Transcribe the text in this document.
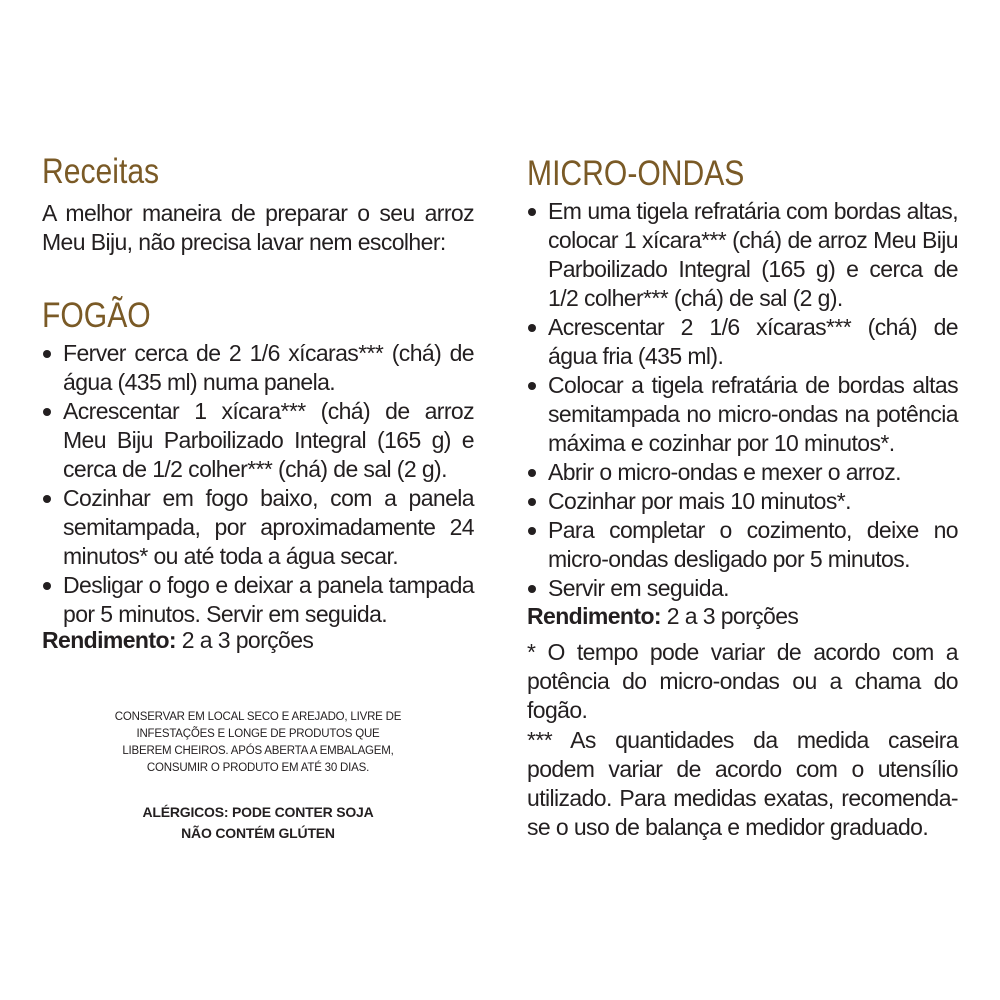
Receitas

A melhor maneira de preparar o seu arroz Meu Biju, não precisa lavar nem escolher:

FOGÃO
Ferver cerca de 2 1/6 xícaras*** (chá) de água (435 ml) numa panela.
Acrescentar 1 xícara*** (chá) de arroz Meu Biju Parboilizado Integral (165 g) e cerca de 1/2 colher*** (chá) de sal (2 g).
Cozinhar em fogo baixo, com a panela semitampada, por aproximadamente 24 minutos* ou até toda a água secar.
Desligar o fogo e deixar a panela tampada por 5 minutos. Servir em seguida.

Rendimento: 2 a 3 porções

CONSERVAR EM LOCAL SECO E AREJADO, LIVRE DE
INFESTAÇÕES E LONGE DE PRODUTOS QUE
LIBEREM CHEIROS. APÓS ABERTA A EMBALAGEM,
CONSUMIR O PRODUTO EM ATÉ 30 DIAS.
ALÉRGICOS: PODE CONTER SOJA
NÃO CONTÉM GLÚTEN
MICRO-ONDAS
Em uma tigela refratária com bordas altas, colocar 1 xícara*** (chá) de arroz Meu Biju Parboilizado Integral (165 g) e cerca de 1/2 colher*** (chá) de sal (2 g).
Acrescentar 2 1/6 xícaras*** (chá) de água fria (435 ml).
Colocar a tigela refratária de bordas altas semitampada no micro-ondas na potência máxima e cozinhar por 10 minutos*.
Abrir o micro-ondas e mexer o arroz.
Cozinhar por mais 10 minutos*.
Para completar o cozimento, deixe no micro-ondas desligado por 5 minutos.
Servir em seguida.

Rendimento: 2 a 3 porções

* O tempo pode variar de acordo com a potência do micro-ondas ou a chama do fogão.

*** As quantidades da medida caseira podem variar de acordo com o utensílio utilizado. Para medidas exatas, recomenda-se o uso de balança e medidor graduado.
